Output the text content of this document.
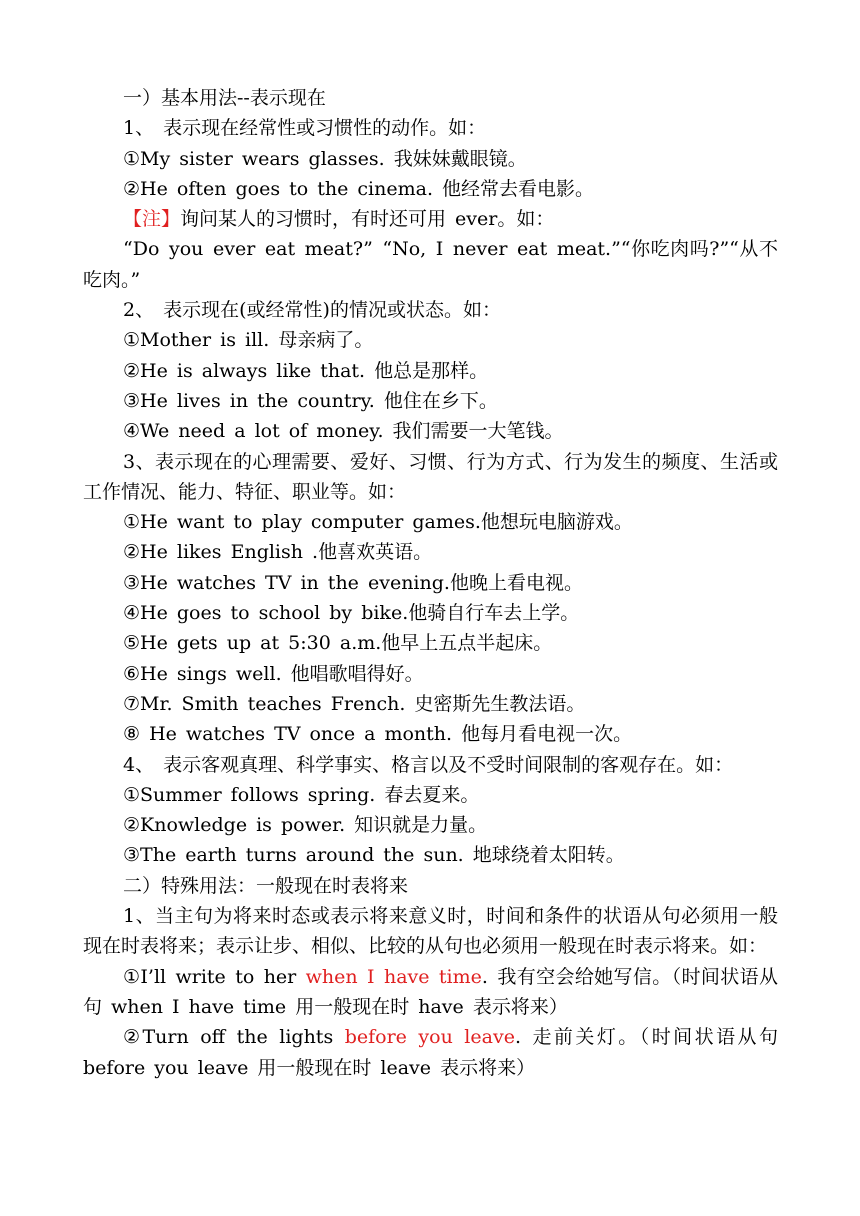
一）基本用法--表示现在

1、 表示现在经常性或习惯性的动作。如：

①My sister wears glasses. 我妹妹戴眼镜。

②He often goes to the cinema. 他经常去看电影。

【注】询问某人的习惯时，有时还可用 ever。如：

“Do you ever eat meat?” “No, I never eat meat.”“你吃肉吗?”“从不吃肉。”

2、 表示现在(或经常性)的情况或状态。如：

①Mother is ill. 母亲病了。

②He is always like that. 他总是那样。

③He lives in the country. 他住在乡下。

④We need a lot of money. 我们需要一大笔钱。

3、表示现在的心理需要、爱好、习惯、行为方式、行为发生的频度、生活或工作情况、能力、特征、职业等。如：

①He want to play computer games.他想玩电脑游戏。

②He likes English .他喜欢英语。

③He watches TV in the evening.他晚上看电视。

④He goes to school by bike.他骑自行车去上学。

⑤He gets up at 5:30 a.m.他早上五点半起床。

⑥He sings well. 他唱歌唱得好。

⑦Mr. Smith teaches French. 史密斯先生教法语。

⑧ He watches TV once a month. 他每月看电视一次。

4、 表示客观真理、科学事实、格言以及不受时间限制的客观存在。如：

①Summer follows spring. 春去夏来。

②Knowledge is power. 知识就是力量。

③The earth turns around the sun. 地球绕着太阳转。

二）特殊用法：一般现在时表将来

1、当主句为将来时态或表示将来意义时，时间和条件的状语从句必须用一般现在时表将来；表示让步、相似、比较的从句也必须用一般现在时表示将来。如：

①I’ll write to her when I have time. 我有空会给她写信。（时间状语从句 when I have time 用一般现在时 have 表示将来）

②Turn off the lights before you leave. 走前关灯。（时间状语从句 before you leave 用一般现在时 leave 表示将来）
